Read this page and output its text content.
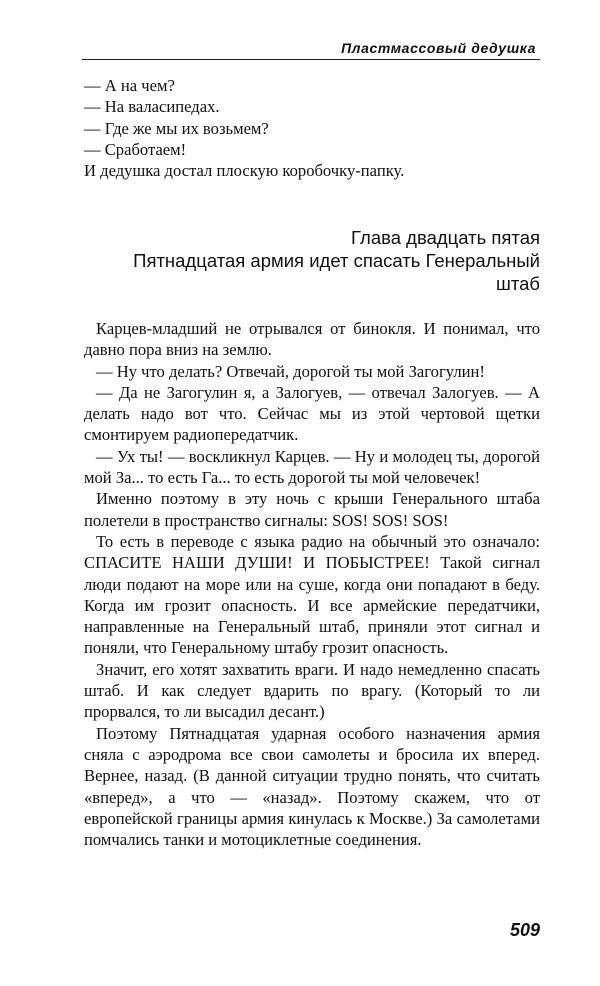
Пластмассовый дедушка

— А на чем?

— На валасипедах.

— Где же мы их возьмем?

— Сработаем!

И дедушка достал плоскую коробочку-папку.

Глава двадцать пятая
Пятнадцатая армия идет спасать Генеральный
штаб

Карцев-младший не отрывался от бинокля. И понимал, что давно пора вниз на землю.

— Ну что делать? Отвечай, дорогой ты мой Загогулин!

— Да не Загогулин я, а Залогуев, — отвечал Залогуев. — А делать надо вот что. Сейчас мы из этой чертовой щетки смонтируем радиопередатчик.

— Ух ты! — воскликнул Карцев. — Ну и молодец ты, дорогой мой За... то есть Га... то есть дорогой ты мой человечек!

Именно поэтому в эту ночь с крыши Генерального штаба полетели в пространство сигналы: SOS! SOS! SOS!

То есть в переводе с языка радио на обычный это означало: СПАСИТЕ НАШИ ДУШИ! И ПОБЫСТРЕЕ! Такой сигнал люди подают на море или на суше, когда они попадают в беду. Когда им грозит опасность. И все армейские передатчики, направленные на Генеральный штаб, приняли этот сигнал и поняли, что Генеральному штабу грозит опасность.

Значит, его хотят захватить враги. И надо немедленно спасать штаб. И как следует вдарить по врагу. (Который то ли прорвался, то ли высадил десант.)

Поэтому Пятнадцатая ударная особого назначения армия сняла с аэродрома все свои самолеты и бросила их вперед. Вернее, назад. (В данной ситуации трудно понять, что считать «вперед», а что — «назад». Поэтому скажем, что от европейской границы армия кинулась к Москве.) За самолетами помчались танки и мотоциклетные соединения.

509
